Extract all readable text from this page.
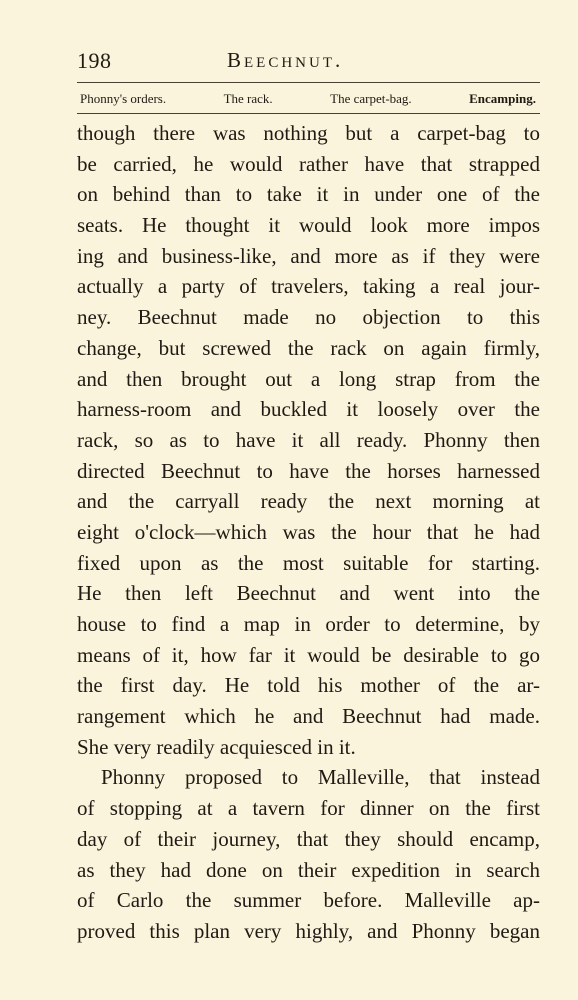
198	Beechnut.
Phonny's orders.	The rack.	The carpet-bag.	Encamping.
though there was nothing but a carpet-bag to
be carried, he would rather have that strapped
on behind than to take it in under one of the
seats. He thought it would look more impos
ing and business-like, and more as if they were
actually a party of travelers, taking a real jour-
ney. Beechnut made no objection to this
change, but screwed the rack on again firmly,
and then brought out a long strap from the
harness-room and buckled it loosely over the
rack, so as to have it all ready. Phonny then
directed Beechnut to have the horses harnessed
and the carryall ready the next morning at
eight o'clock—which was the hour that he had
fixed upon as the most suitable for starting.
He then left Beechnut and went into the
house to find a map in order to determine, by
means of it, how far it would be desirable to go
the first day. He told his mother of the ar-
rangement which he and Beechnut had made.
She very readily acquiesced in it.
Phonny proposed to Malleville, that instead
of stopping at a tavern for dinner on the first
day of their journey, that they should encamp,
as they had done on their expedition in search
of Carlo the summer before. Malleville ap-
proved this plan very highly, and Phonny began
